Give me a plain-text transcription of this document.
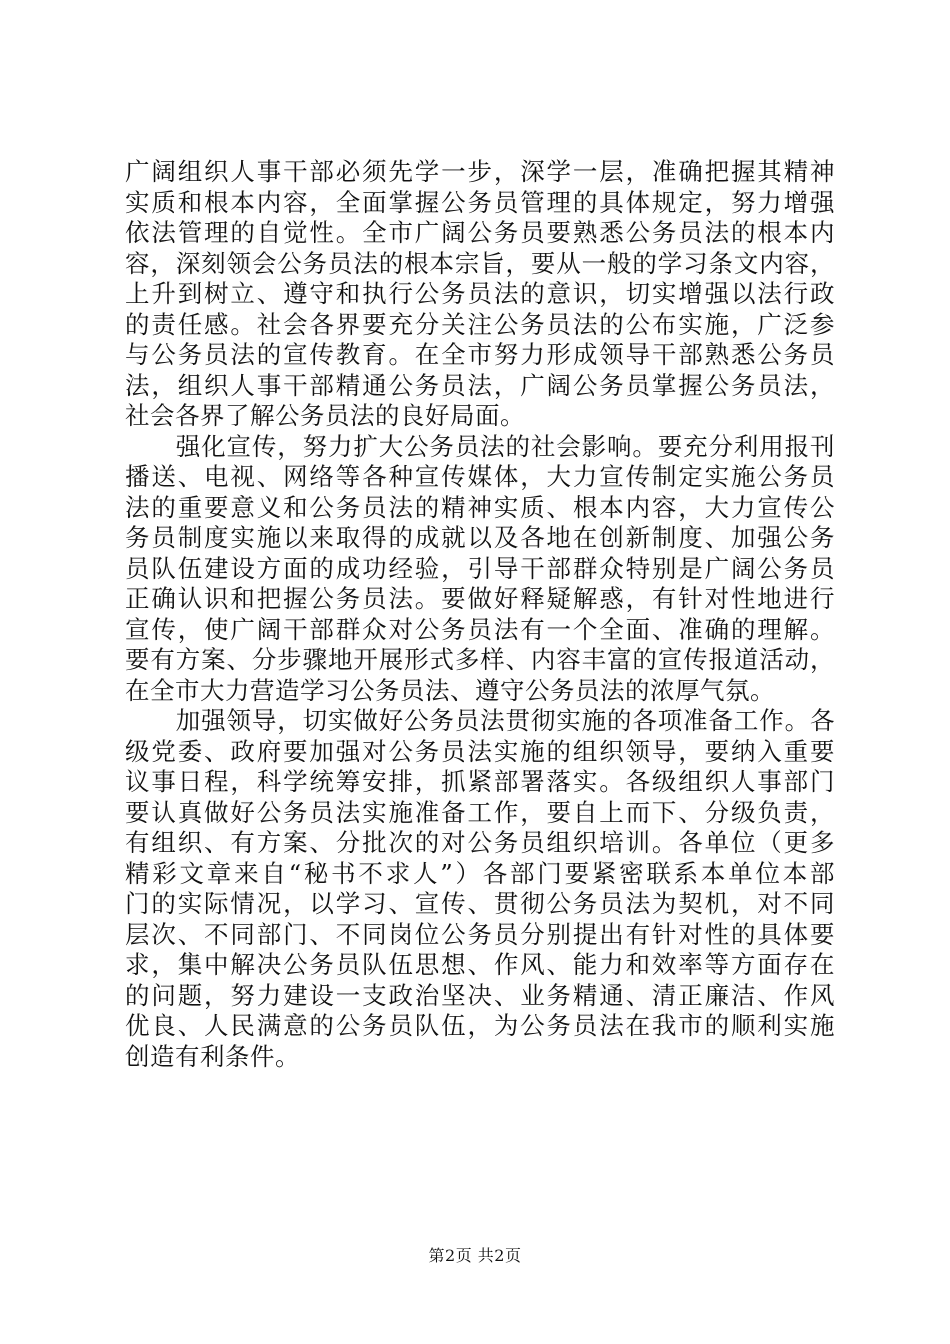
广阔组织人事干部必须先学一步，深学一层，准确把握其精神
实质和根本内容，全面掌握公务员管理的具体规定，努力增强
依法管理的自觉性。全市广阔公务员要熟悉公务员法的根本内
容，深刻领会公务员法的根本宗旨，要从一般的学习条文内容，
上升到树立、遵守和执行公务员法的意识，切实增强以法行政
的责任感。社会各界要充分关注公务员法的公布实施，广泛参
与公务员法的宣传教育。在全市努力形成领导干部熟悉公务员
法，组织人事干部精通公务员法，广阔公务员掌握公务员法，
社会各界了解公务员法的良好局面。
　　强化宣传，努力扩大公务员法的社会影响。要充分利用报刊
播送、电视、网络等各种宣传媒体，大力宣传制定实施公务员
法的重要意义和公务员法的精神实质、根本内容，大力宣传公
务员制度实施以来取得的成就以及各地在创新制度、加强公务
员队伍建设方面的成功经验，引导干部群众特别是广阔公务员
正确认识和把握公务员法。要做好释疑解惑，有针对性地进行
宣传，使广阔干部群众对公务员法有一个全面、准确的理解。
要有方案、分步骤地开展形式多样、内容丰富的宣传报道活动，
在全市大力营造学习公务员法、遵守公务员法的浓厚气氛。
　　加强领导，切实做好公务员法贯彻实施的各项准备工作。各
级党委、政府要加强对公务员法实施的组织领导，要纳入重要
议事日程，科学统筹安排，抓紧部署落实。各级组织人事部门
要认真做好公务员法实施准备工作，要自上而下、分级负责，
有组织、有方案、分批次的对公务员组织培训。各单位（更多
精彩文章来自“秘书不求人”）各部门要紧密联系本单位本部
门的实际情况，以学习、宣传、贯彻公务员法为契机，对不同
层次、不同部门、不同岗位公务员分别提出有针对性的具体要
求，集中解决公务员队伍思想、作风、能力和效率等方面存在
的问题，努力建设一支政治坚决、业务精通、清正廉洁、作风
优良、人民满意的公务员队伍，为公务员法在我市的顺利实施
创造有利条件。
第2页 共2页
